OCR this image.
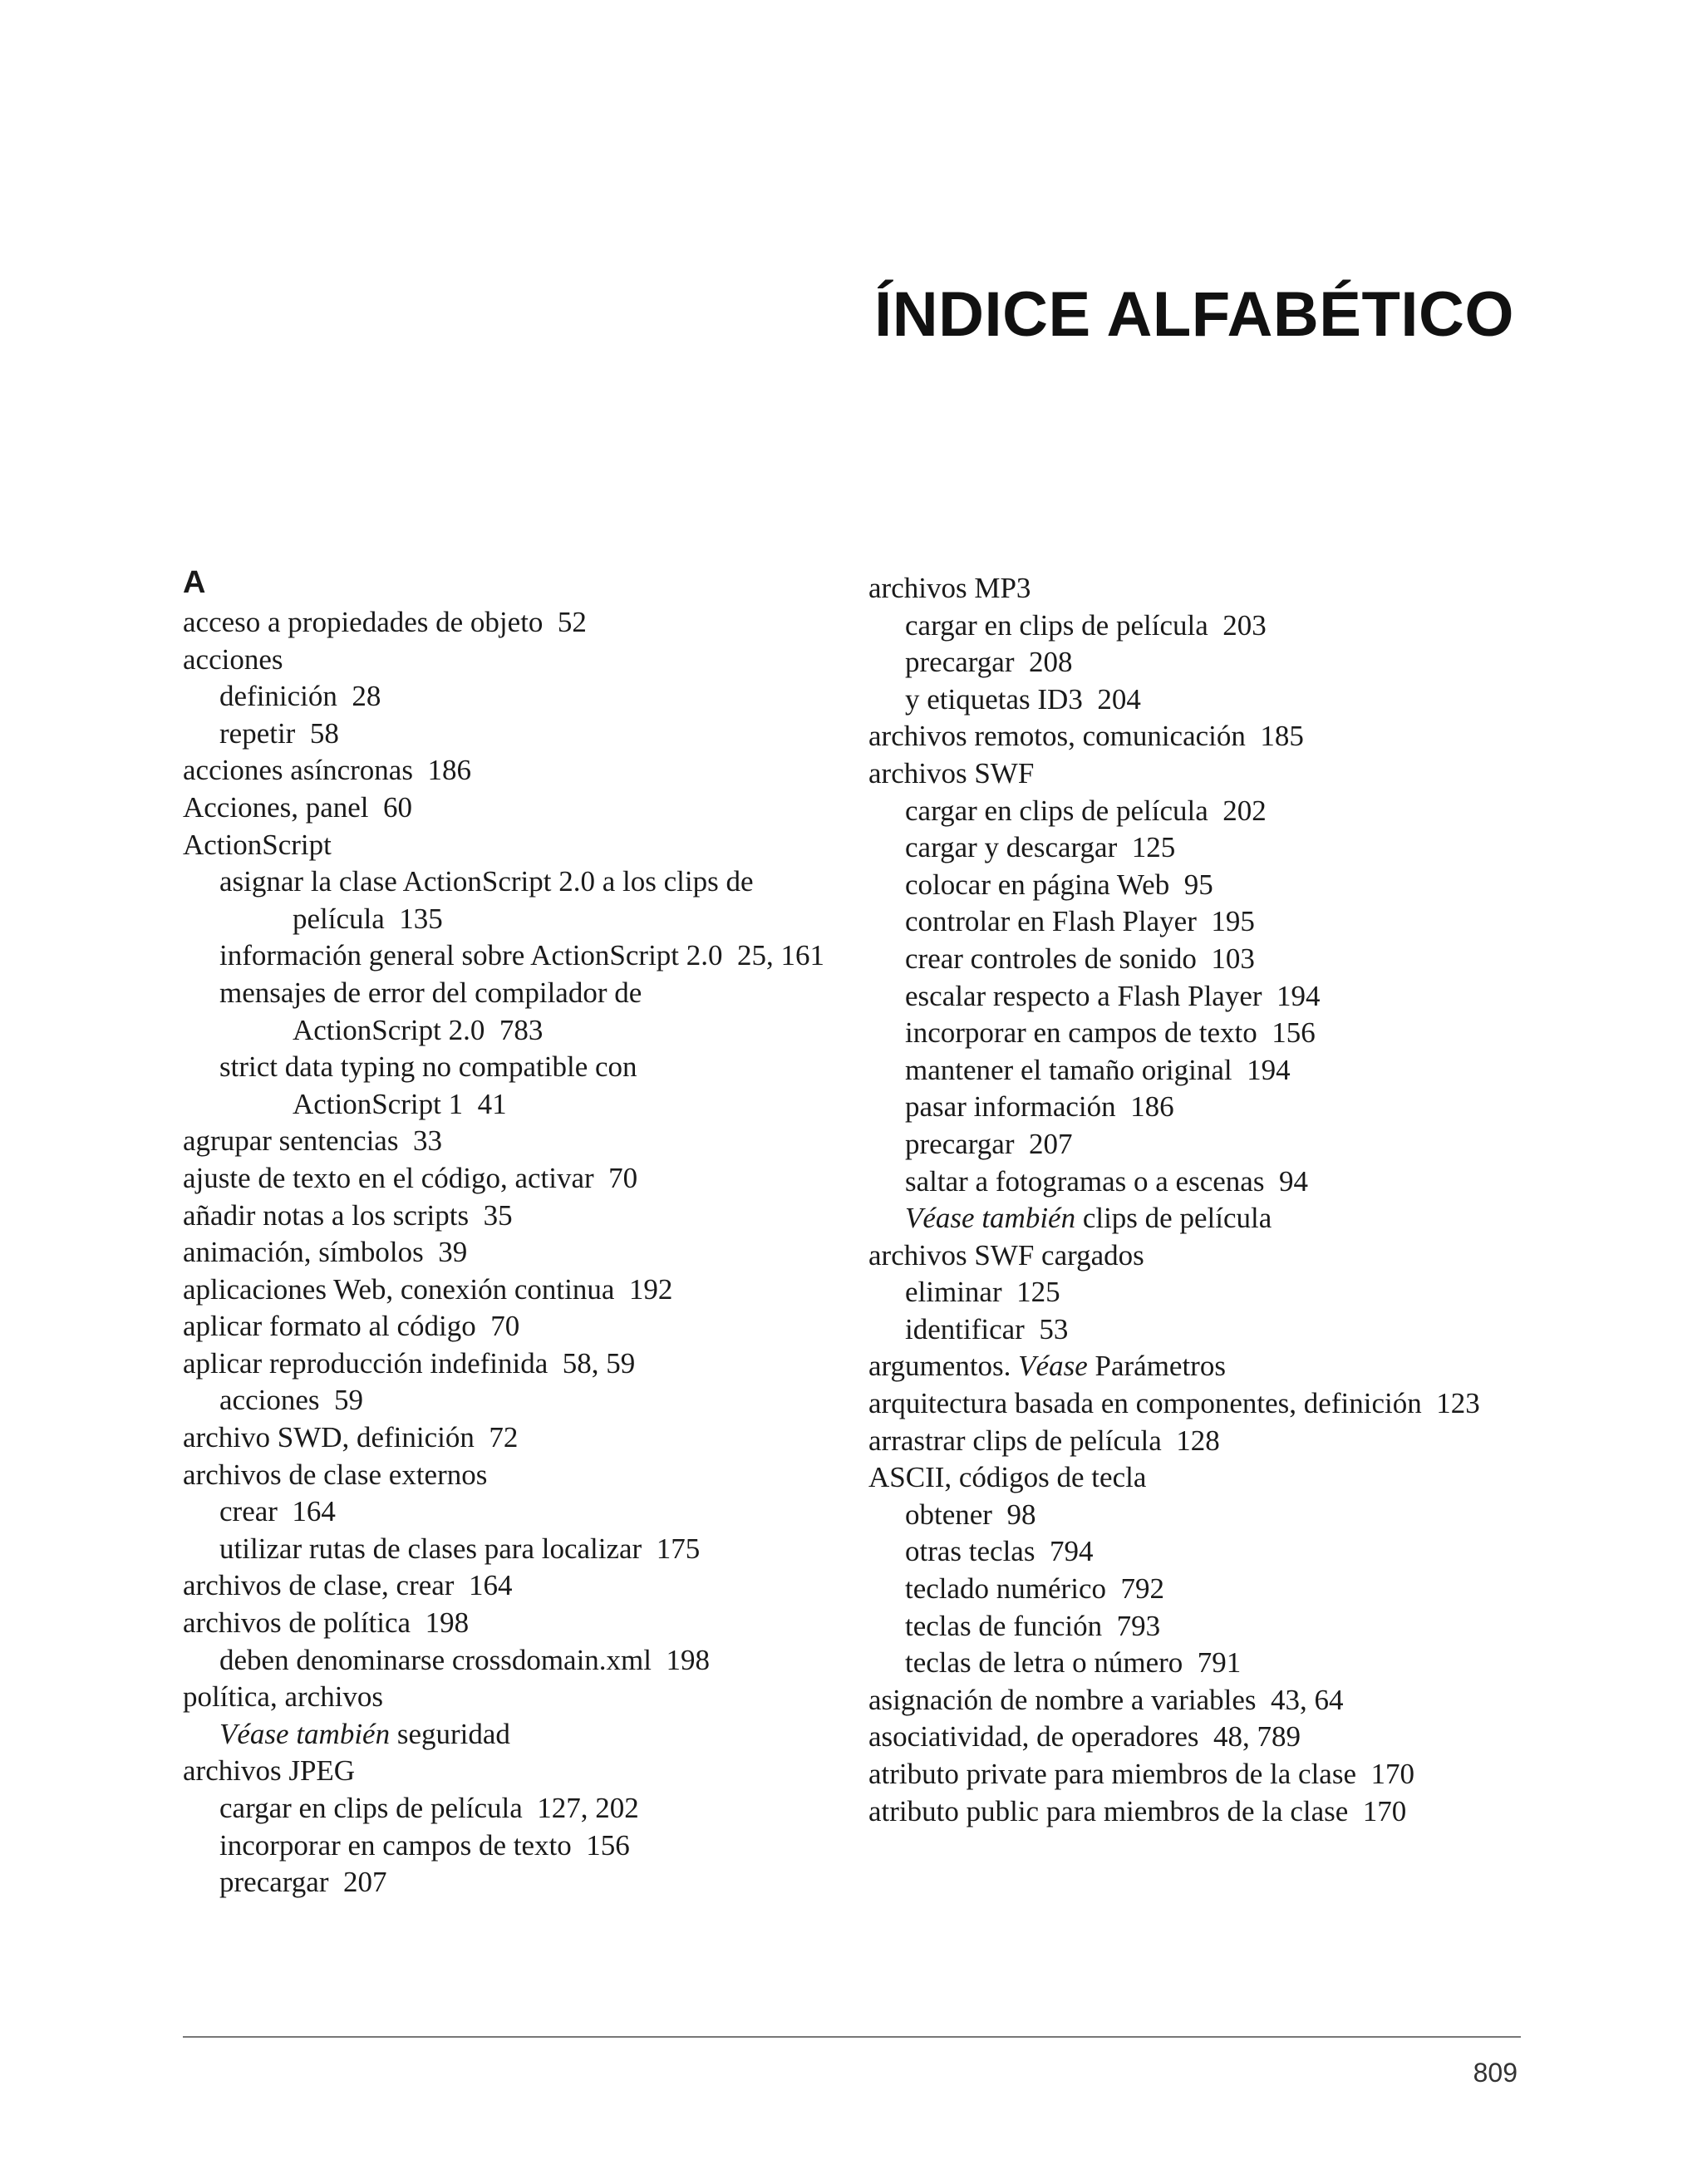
ÍNDICE ALFABÉTICO
A
acceso a propiedades de objeto 52
acciones
definición 28
repetir 58
acciones asíncronas 186
Acciones, panel 60
ActionScript
asignar la clase ActionScript 2.0 a los clips de
película 135
información general sobre ActionScript 2.0 25, 161
mensajes de error del compilador de
ActionScript 2.0 783
strict data typing no compatible con
ActionScript 1 41
agrupar sentencias 33
ajuste de texto en el código, activar 70
añadir notas a los scripts 35
animación, símbolos 39
aplicaciones Web, conexión continua 192
aplicar formato al código 70
aplicar reproducción indefinida 58, 59
acciones 59
archivo SWD, definición 72
archivos de clase externos
crear 164
utilizar rutas de clases para localizar 175
archivos de clase, crear 164
archivos de política 198
deben denominarse crossdomain.xml 198
política, archivos
Véase también seguridad
archivos JPEG
cargar en clips de película 127, 202
incorporar en campos de texto 156
precargar 207
archivos MP3
cargar en clips de película 203
precargar 208
y etiquetas ID3 204
archivos remotos, comunicación 185
archivos SWF
cargar en clips de película 202
cargar y descargar 125
colocar en página Web 95
controlar en Flash Player 195
crear controles de sonido 103
escalar respecto a Flash Player 194
incorporar en campos de texto 156
mantener el tamaño original 194
pasar información 186
precargar 207
saltar a fotogramas o a escenas 94
Véase también clips de película
archivos SWF cargados
eliminar 125
identificar 53
argumentos. Véase Parámetros
arquitectura basada en componentes, definición 123
arrastrar clips de película 128
ASCII, códigos de tecla
obtener 98
otras teclas 794
teclado numérico 792
teclas de función 793
teclas de letra o número 791
asignación de nombre a variables 43, 64
asociatividad, de operadores 48, 789
atributo private para miembros de la clase 170
atributo public para miembros de la clase 170

809
